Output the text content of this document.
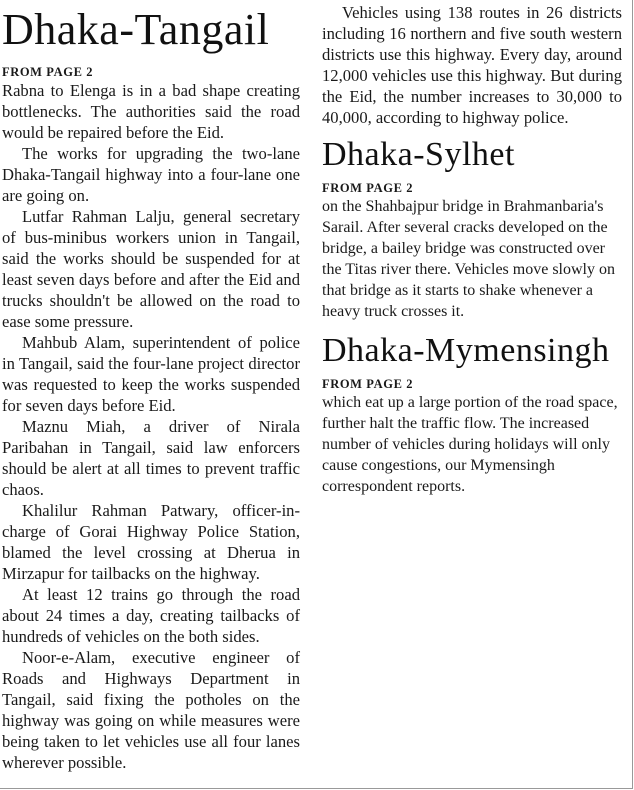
Dhaka-Tangail
FROM PAGE 2

Rabna to Elenga is in a bad shape creating bottlenecks. The authorities said the road would be repaired before the Eid.

The works for upgrading the two-lane Dhaka-Tangail highway into a four-lane one are going on.

Lutfar Rahman Lalju, general secretary of bus-minibus workers union in Tangail, said the works should be suspended for at least seven days before and after the Eid and trucks shouldn't be allowed on the road to ease some pressure.

Mahbub Alam, superintendent of police in Tangail, said the four-lane project director was requested to keep the works suspended for seven days before Eid.

Maznu Miah, a driver of Nirala Paribahan in Tangail, said law enforcers should be alert at all times to prevent traffic chaos.

Khalilur Rahman Patwary, officer-in-charge of Gorai Highway Police Station, blamed the level crossing at Dherua in Mirzapur for tailbacks on the highway.

At least 12 trains go through the road about 24 times a day, creating tailbacks of hundreds of vehicles on the both sides.

Noor-e-Alam, executive engineer of Roads and Highways Department in Tangail, said fixing the potholes on the highway was going on while measures were being taken to let vehicles use all four lanes wherever possible.

Vehicles using 138 routes in 26 districts including 16 northern and five south western districts use this highway. Every day, around 12,000 vehicles use this highway. But during the Eid, the number increases to 30,000 to 40,000, according to highway police.

Dhaka-Sylhet
FROM PAGE 2

on the Shahbajpur bridge in Brahmanbaria's Sarail. After several cracks developed on the bridge, a bailey bridge was constructed over the Titas river there. Vehicles move slowly on that bridge as it starts to shake whenever a heavy truck crosses it.

Dhaka-Mymensingh
FROM PAGE 2

which eat up a large portion of the road space, further halt the traffic flow. The increased number of vehicles during holidays will only cause congestions, our Mymensingh correspondent reports.
